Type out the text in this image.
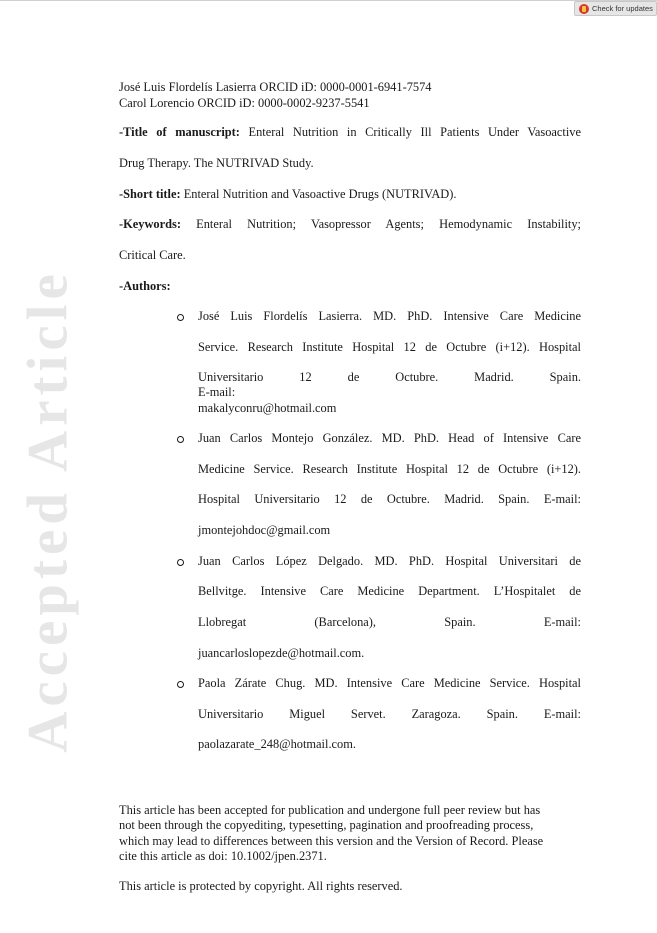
Check for updates
Accepted Article
José Luis Flordelís Lasierra ORCID iD: 0000-0001-6941-7574
Carol Lorencio ORCID iD: 0000-0002-9237-5541
-Title of manuscript: Enteral Nutrition in Critically Ill Patients Under Vasoactive
Drug Therapy. The NUTRIVAD Study.
-Short title: Enteral Nutrition and Vasoactive Drugs (NUTRIVAD).
-Keywords: Enteral Nutrition; Vasopressor Agents; Hemodynamic Instability;
Critical Care.
-Authors:
José Luis Flordelís Lasierra. MD. PhD. Intensive Care Medicine
Service. Research Institute Hospital 12 de Octubre (i+12). Hospital
Universitario 12 de Octubre. Madrid. Spain. E-mail:
makalyconru@hotmail.com
Juan Carlos Montejo González. MD. PhD. Head of Intensive Care
Medicine Service. Research Institute Hospital 12 de Octubre (i+12).
Hospital Universitario 12 de Octubre. Madrid. Spain. E-mail:
jmontejohdoc@gmail.com
Juan Carlos López Delgado. MD. PhD. Hospital Universitari de
Bellvitge. Intensive Care Medicine Department. L’Hospitalet de
Llobregat (Barcelona), Spain. E-mail:
juancarloslopezde@hotmail.com.
Paola Zárate Chug. MD. Intensive Care Medicine Service. Hospital
Universitario Miguel Servet. Zaragoza. Spain. E-mail:
paolazarate_248@hotmail.com.
This article has been accepted for publication and undergone full peer review but has
not been through the copyediting, typesetting, pagination and proofreading process,
which may lead to differences between this version and the Version of Record. Please
cite this article as doi: 10.1002/jpen.2371.
This article is protected by copyright. All rights reserved.
